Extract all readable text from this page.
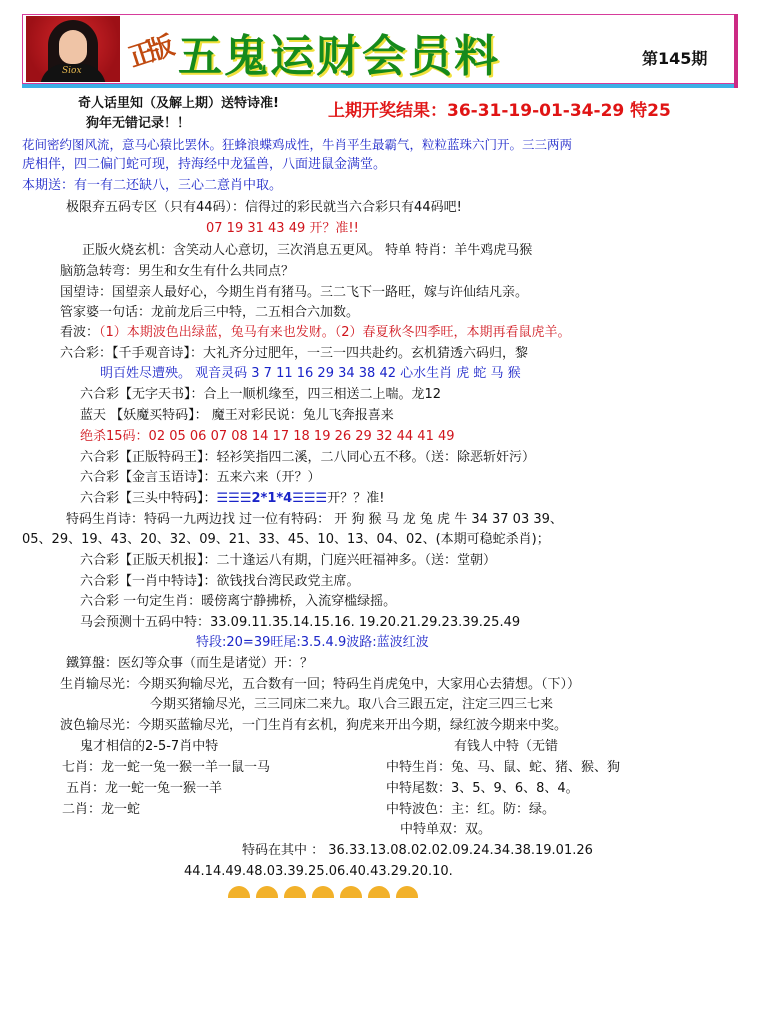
Siox 正版 五鬼运财会员料	第145期
奇人话里知（及解上期）送特诗准!	上期开奖结果：36-31-19-01-34-29 特25
狗年无错记录！！
花间密约图风流，意马心猿比罢休。狂蜂浪蝶鸡成性，牛肖平生最霸气，粒粒蓝珠六门开。三三两两
虎相伴，四二偏门蛇可现，持海经中龙猛兽，八面进鼠金满堂。
本期送：有一有二还缺八，三心二意肖中取。
极限弃五码专区（只有44码）：信得过的彩民就当六合彩只有44码吧!
07 19 31 43 49 开？准!!
正版火烧玄机：含笑动人心意切，三次消息五更风。 特单 特肖：羊牛鸡虎马猴
脑筋急转弯：男生和女生有什么共同点？
国望诗：国望亲人最好心，今期生肖有猪马。三二飞下一路旺，嫁与许仙结凡亲。
管家婆一句话：龙前龙后三中特，二五相合六加数。
看波：（1）本期波色出绿蓝，兔马有来也发财。（2）春夏秋冬四季旺，本期再看鼠虎羊。
六合彩：【千手观音诗】：大礼齐分过肥年，一三一四共赴约。玄机猜透六码归，黎
明百姓尽遭殃。 观音灵码 3 7 11 16 29 34 38 42 心水生肖 虎 蛇 马 猴
六合彩【无字天书】：合上一顺机缘至，四三相送二上喘。龙12
蓝天 【妖魔买特码】： 魔王对彩民说：兔儿飞奔报喜来
绝杀15码：02 05 06 07 08 14 17 18 19 26 29 32 44 41 49
六合彩【正版特码王】：轻衫笑指四二溪，二八同心五不移。（送：除恶斩奸污）
六合彩【金言玉语诗】：五来六来（开？）
六合彩【三头中特码】：☰☰☰2*1*4☰☰☰开？？准!
特码生肖诗：特码一九两边找 过一位有特码： 开 狗 猴 马 龙 兔 虎 牛 34 37 03 39、
05、29、19、43、20、32、09、21、33、45、10、13、04、02、(本期可稳蛇杀肖)；
六合彩【正版天机报】：二十逢运八有期，门庭兴旺福神多。（送：堂朝）
六合彩【一肖中特诗】：欲钱找台湾民政党主席。
六合彩 一句定生肖：暖傍离宁静拂桥，入流穿槛绿摇。
马会预测十五码中特：33.09.11.35.14.15.16. 19.20.21.29.23.39.25.49
特段:20=39旺尾:3.5.4.9波路:蓝波红波
鐵算盤：医幻等众事（而生是诸觉）开：？
生肖输尽光：今期买狗输尽光，五合数有一回；特码生肖虎兔中，大家用心去猜想。（下））
今期买猪输尽光，三三同床二来九。取八合三跟五定，注定三四三七来
波色输尽光：今期买蓝输尽光，一门生肖有玄机，狗虎来开出今期，绿红波今期来中奖。
鬼才相信的2-5-7肖中特	有钱人中特（无错
七肖：龙一蛇一兔一猴一羊一鼠一马	中特生肖：兔、马、鼠、蛇、猪、猴、狗
五肖：龙一蛇一兔一猴一羊	中特尾数：3、5、9、6、8、4。
二肖：龙一蛇	中特波色：主：红。防：绿。
中特单双：双。
特码在其中 ： 36.33.13.08.02.02.09.24.34.38.19.01.26
44.14.49.48.03.39.25.06.40.43.29.20.10.
